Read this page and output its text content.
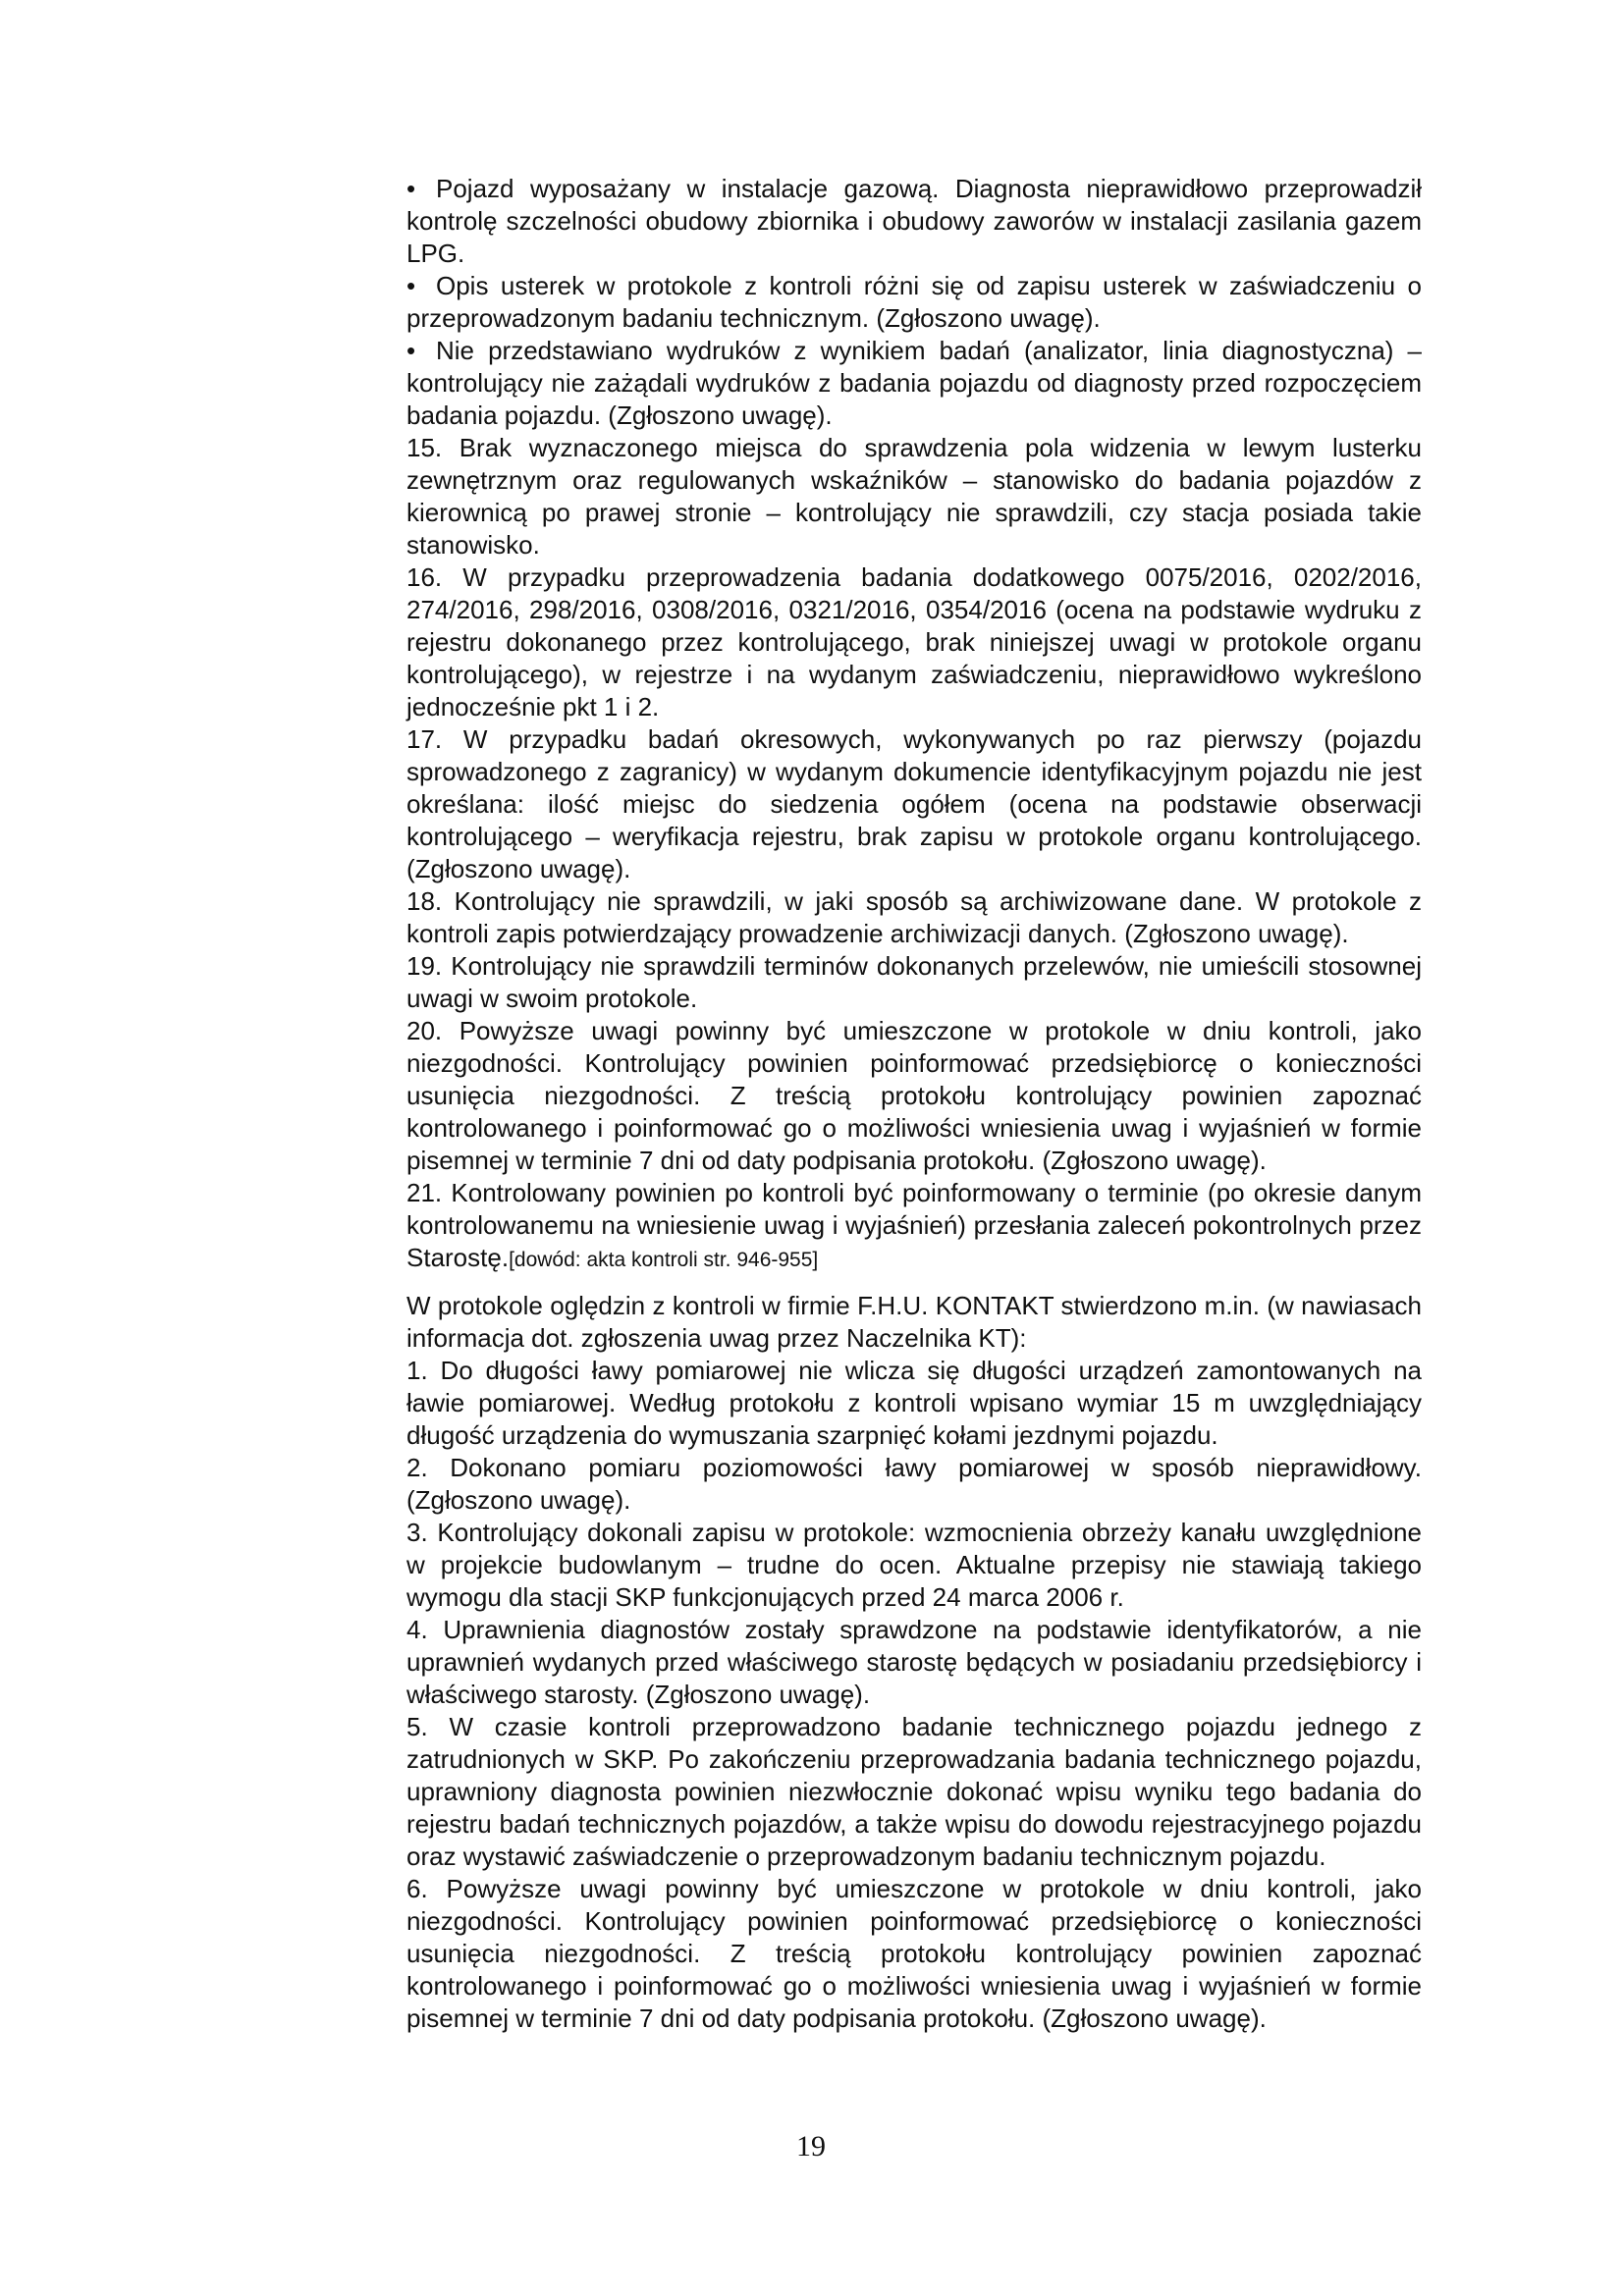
• Pojazd wyposażany w instalacje gazową. Diagnosta nieprawidłowo przeprowadził kontrolę szczelności obudowy zbiornika i obudowy zaworów w instalacji zasilania gazem LPG.

• Opis usterek w protokole z kontroli różni się od zapisu usterek w zaświadczeniu o przeprowadzonym badaniu technicznym. (Zgłoszono uwagę).

• Nie przedstawiano wydruków z wynikiem badań (analizator, linia diagnostyczna) – kontrolujący nie zażądali wydruków z badania pojazdu od diagnosty przed rozpoczęciem badania pojazdu. (Zgłoszono uwagę).

15. Brak wyznaczonego miejsca do sprawdzenia pola widzenia w lewym lusterku zewnętrznym oraz regulowanych wskaźników – stanowisko do badania pojazdów z kierownicą po prawej stronie – kontrolujący nie sprawdzili, czy stacja posiada takie stanowisko.

16. W przypadku przeprowadzenia badania dodatkowego 0075/2016, 0202/2016, 274/2016, 298/2016, 0308/2016, 0321/2016, 0354/2016 (ocena na podstawie wydruku z rejestru dokonanego przez kontrolującego, brak niniejszej uwagi w protokole organu kontrolującego), w rejestrze i na wydanym zaświadczeniu, nieprawidłowo wykreślono jednocześnie pkt 1 i 2.

17. W przypadku badań okresowych, wykonywanych po raz pierwszy (pojazdu sprowadzonego z zagranicy) w wydanym dokumencie identyfikacyjnym pojazdu nie jest określana: ilość miejsc do siedzenia ogółem (ocena na podstawie obserwacji kontrolującego – weryfikacja rejestru, brak zapisu w protokole organu kontrolującego. (Zgłoszono uwagę).

18. Kontrolujący nie sprawdzili, w jaki sposób są archiwizowane dane. W protokole z kontroli zapis potwierdzający prowadzenie archiwizacji danych. (Zgłoszono uwagę).

19. Kontrolujący nie sprawdzili terminów dokonanych przelewów, nie umieścili stosownej uwagi w swoim protokole.

20. Powyższe uwagi powinny być umieszczone w protokole w dniu kontroli, jako niezgodności. Kontrolujący powinien poinformować przedsiębiorcę o konieczności usunięcia niezgodności. Z treścią protokołu kontrolujący powinien zapoznać kontrolowanego i poinformować go o możliwości wniesienia uwag i wyjaśnień w formie pisemnej w terminie 7 dni od daty podpisania protokołu. (Zgłoszono uwagę).

21. Kontrolowany powinien po kontroli być poinformowany o terminie (po okresie danym kontrolowanemu na wniesienie uwag i wyjaśnień) przesłania zaleceń pokontrolnych przez Starostę.[dowód: akta kontroli str. 946-955]

W protokole oględzin z kontroli w firmie F.H.U. KONTAKT stwierdzono m.in. (w nawiasach informacja dot. zgłoszenia uwag przez Naczelnika KT):

1. Do długości ławy pomiarowej nie wlicza się długości urządzeń zamontowanych na ławie pomiarowej. Według protokołu z kontroli wpisano wymiar 15 m uwzględniający długość urządzenia do wymuszania szarpnięć kołami jezdnymi pojazdu.

2. Dokonano pomiaru poziomowości ławy pomiarowej w sposób nieprawidłowy. (Zgłoszono uwagę).

3. Kontrolujący dokonali zapisu w protokole: wzmocnienia obrzeży kanału uwzględnione w projekcie budowlanym – trudne do ocen. Aktualne przepisy nie stawiają takiego wymogu dla stacji SKP funkcjonujących przed 24 marca 2006 r.

4. Uprawnienia diagnostów zostały sprawdzone na podstawie identyfikatorów, a nie uprawnień wydanych przed właściwego starostę będących w posiadaniu przedsiębiorcy i właściwego starosty. (Zgłoszono uwagę).

5. W czasie kontroli przeprowadzono badanie technicznego pojazdu jednego z zatrudnionych w SKP. Po zakończeniu przeprowadzania badania technicznego pojazdu, uprawniony diagnosta powinien niezwłocznie dokonać wpisu wyniku tego badania do rejestru badań technicznych pojazdów, a także wpisu do dowodu rejestracyjnego pojazdu oraz wystawić zaświadczenie o przeprowadzonym badaniu technicznym pojazdu.

6. Powyższe uwagi powinny być umieszczone w protokole w dniu kontroli, jako niezgodności. Kontrolujący powinien poinformować przedsiębiorcę o konieczności usunięcia niezgodności. Z treścią protokołu kontrolujący powinien zapoznać kontrolowanego i poinformować go o możliwości wniesienia uwag i wyjaśnień w formie pisemnej w terminie 7 dni od daty podpisania protokołu. (Zgłoszono uwagę).

19
